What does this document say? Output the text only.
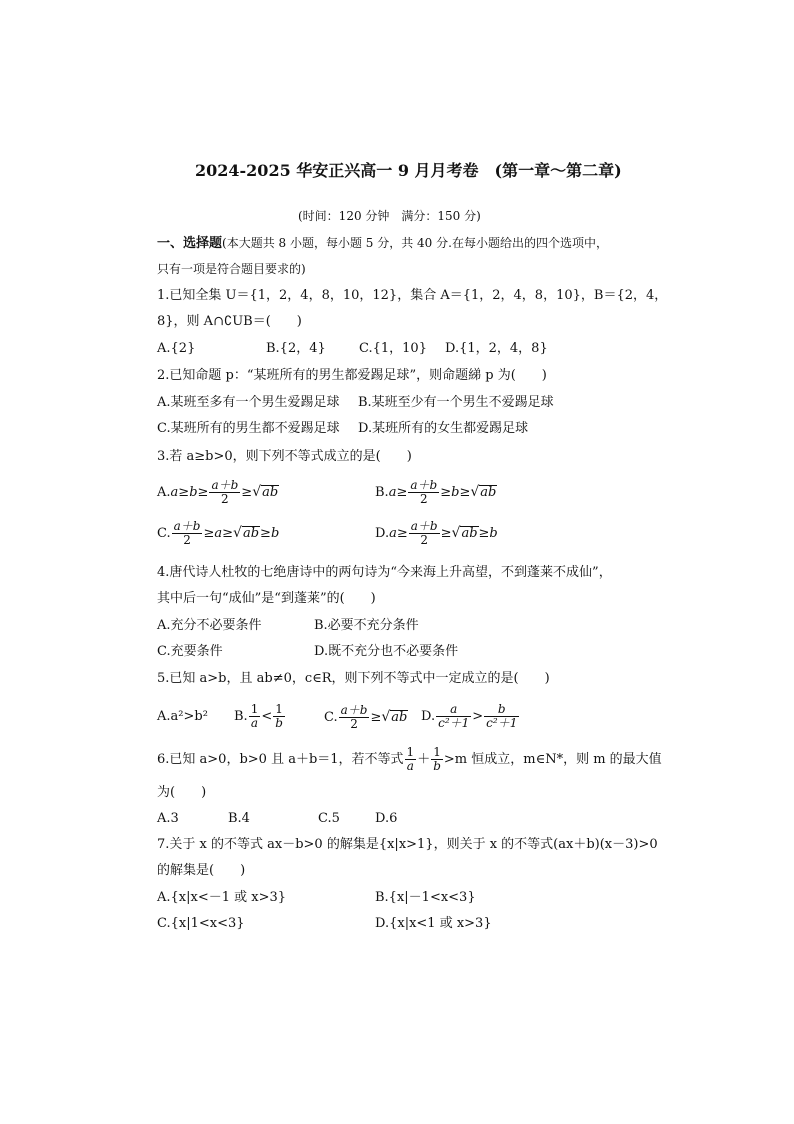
2024-2025 华安正兴高一 9 月月考卷　(第一章～第二章)
(时间：120 分钟　满分：150 分)
一、选择题(本大题共 8 小题，每小题 5 分，共 40 分.在每小题给出的四个选项中，
只有一项是符合题目要求的)
1.已知全集 U＝{1，2，4，8，10，12}，集合 A＝{1，2，4，8，10}，B＝{2，4，
8}，则 A∩∁UB＝(　　)
A.{2}	B.{2，4}	C.{1，10} D.{1，2，4，8}
2.已知命题 p：“某班所有的男生都爱踢足球”，则命题綈 p 为(　　)
A.某班至多有一个男生爱踢足球 B.某班至少有一个男生不爱踢足球
C.某班所有的男生都不爱踢足球 D.某班所有的女生都爱踢足球
3.若 a≥b>0，则下列不等式成立的是(　　)
$A.a\ge b\ge \frac{a+b}{2} \ge√ab$	$B.a\ge \frac{a+b}{2} \ge b\ge√ab$
C. $\frac{a+b}{2} \ge a\ge√ab\ge b$	$D.a\ge \frac{a+b}{2} \ge√ab\ge b$
4.唐代诗人杜牧的七绝唐诗中的两句诗为“今来海上升高望，不到蓬莱不成仙”，
其中后一句“成仙”是“到蓬莱”的(　　)
A.充分不必要条件	B.必要不充分条件
C.充要条件	D.既不充分也不必要条件
5.已知 a>b，且 ab≠0，c∈R，则下列不等式中一定成立的是(　　)
A.a²>b² B. $\frac{1}{a} < \frac{1}{b}$	C. $\frac{a+b}{2} \ge√ab$ D. $\frac{a}{\text{c²＋1}} > \frac{b}{\text{c²＋1}}$
6.已知 a>0，b>0 且 a＋b＝1，若不等式 $\frac{1}{a} + \frac{1}{b} >m$ 恒成立，m∈N*，则 m 的最大值
为(　　)
A.3	B.4	C.5	D.6
7.关于 x 的不等式 ax－b>0 的解集是{x|x>1}，则关于 x 的不等式(ax＋b)(x－3)>0
的解集是(　　)
A.{x|x<－1 或 x>3}	B.{x|－1<x<3}
C.{x|1<x<3}	D.{x|x<1 或 x>3}
